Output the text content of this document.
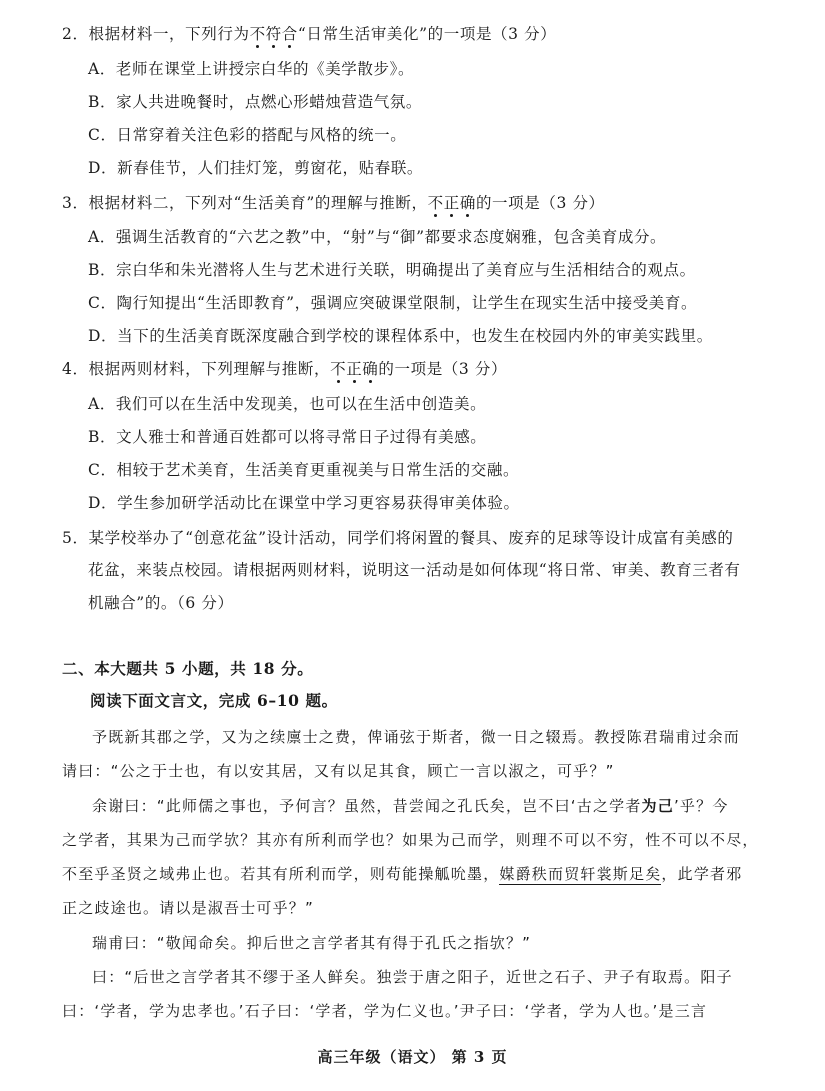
2．根据材料一，下列行为不符合“日常生活审美化”的一项是（3 分）
A．老师在课堂上讲授宗白华的《美学散步》。
B．家人共进晚餐时，点燃心形蜡烛营造气氛。
C．日常穿着关注色彩的搭配与风格的统一。
D．新春佳节，人们挂灯笼，剪窗花，贴春联。
3．根据材料二，下列对“生活美育”的理解与推断，不正确的一项是（3 分）
A．强调生活教育的“六艺之教”中，“射”与“御”都要求态度娴雅，包含美育成分。
B．宗白华和朱光潜将人生与艺术进行关联，明确提出了美育应与生活相结合的观点。
C．陶行知提出“生活即教育”，强调应突破课堂限制，让学生在现实生活中接受美育。
D．当下的生活美育既深度融合到学校的课程体系中，也发生在校园内外的审美实践里。
4．根据两则材料，下列理解与推断，不正确的一项是（3 分）
A．我们可以在生活中发现美，也可以在生活中创造美。
B．文人雅士和普通百姓都可以将寻常日子过得有美感。
C．相较于艺术美育，生活美育更重视美与日常生活的交融。
D．学生参加研学活动比在课堂中学习更容易获得审美体验。
5．某学校举办了“创意花盆”设计活动，同学们将闲置的餐具、废弃的足球等设计成富有美感的
花盆，来装点校园。请根据两则材料，说明这一活动是如何体现“将日常、审美、教育三者有
机融合”的。（6 分）
二、本大题共 5 小题，共 18 分。
阅读下面文言文，完成 6–10 题。
予既新其郡之学，又为之续廪士之费，俾诵弦于斯者，微一日之辍焉。教授陈君瑞甫过余而
请曰：“公之于士也，有以安其居，又有以足其食，顾亡一言以淑之，可乎？”
余谢曰：“此师儒之事也，予何言？虽然，昔尝闻之孔氏矣，岂不曰‘古之学者为己’乎？今
之学者，其果为己而学欤？其亦有所利而学也？如果为己而学，则理不可以不穷，性不可以不尽，
不至乎圣贤之域弗止也。若其有所利而学，则苟能操觚吮墨，媒爵秩而贸轩裳斯足矣，此学者邪
正之歧途也。请以是淑吾士可乎？”
瑞甫曰：“敬闻命矣。抑后世之言学者其有得于孔氏之指欤？”
曰：“后世之言学者其不缪于圣人鲜矣。独尝于唐之阳子，近世之石子、尹子有取焉。阳子
曰：‘学者，学为忠孝也。’石子曰：‘学者，学为仁义也。’尹子曰：‘学者，学为人也。’是三言
高三年级（语文） 第 3 页
